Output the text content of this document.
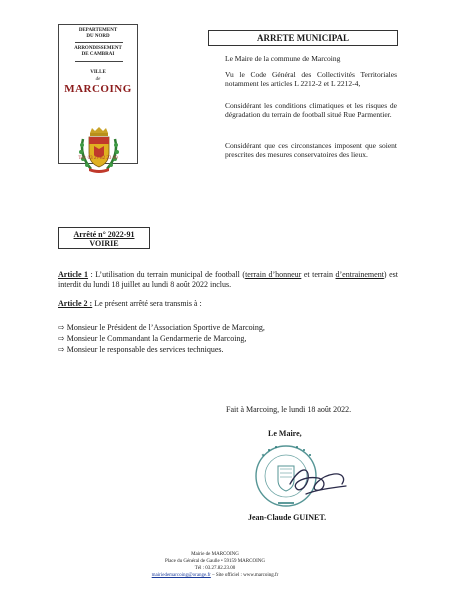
DEPARTEMENT
DU NORD
ARRONDISSEMENT
DE CAMBRAI
VILLE
de
MARCOING
Tél: 03 27 82 23 00
ARRETE MUNICIPAL
Le Maire de la commune de Marcoing
Vu le Code Général des Collectivités Territoriales notamment les articles L 2212-2 et L 2212-4,
Considérant les conditions climatiques et les risques de dégradation du terrain de football situé Rue Parmentier.
Considérant que ces circonstances imposent que soient prescrites des mesures conservatoires des lieux.
Arrêté n° 2022-91
VOIRIE
Article 1 : L’utilisation du terrain municipal de football (terrain d’honneur et terrain d’entrainement) est interdit du lundi 18 juillet au lundi 8 août 2022 inclus.
Article 2 : Le présent arrêté sera transmis à :
⇨ Monsieur le Président de l’Association Sportive de Marcoing,
⇨ Monsieur le Commandant la Gendarmerie de Marcoing,
⇨ Monsieur le responsable des services techniques.
Fait à Marcoing, le lundi 18 août 2022.
Le Maire,
Jean-Claude GUINET.
Mairie de MARCOING
Place du Général de Gaulle • 59159 MARCOING
Tél : 03.27.82.23.00
mairiedemarcoing@orange.fr – Site officiel : www.marcoing.fr
